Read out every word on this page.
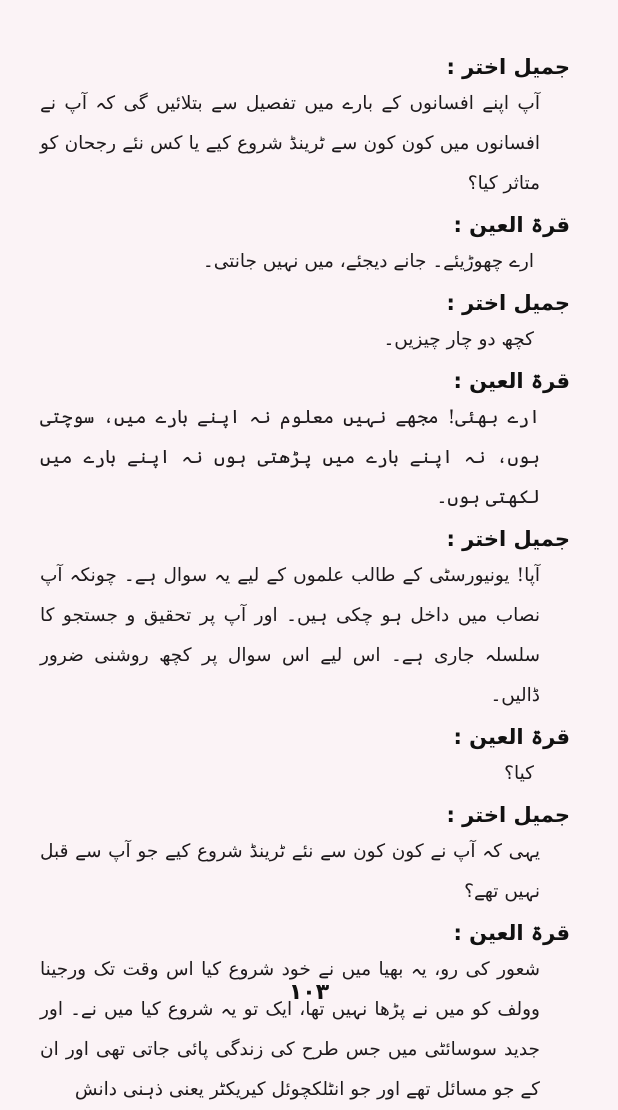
جمیل اختر :

آپ اپنے افسانوں کے بارے میں تفصیل سے بتلائیں گی کہ آپ نے افسانوں میں کون کون سے ٹرینڈ شروع کیے یا کس نئے رجحان کو متاثر کیا؟

قرۃ العین :

ارے چھوڑیئے۔ جانے دیجئے، میں نہیں جانتی۔

جمیل اختر :

کچھ دو چار چیزیں۔

قرۃ العین :

ارے بھئی! مجھے نہیں معلوم نہ اپنے بارے میں، سوچتی ہوں، نہ اپنے بارے میں پڑھتی ہوں نہ اپنے بارے میں لکھتی ہوں۔

جمیل اختر :

آپا! یونیورسٹی کے طالب علموں کے لیے یہ سوال ہے۔ چونکہ آپ نصاب میں داخل ہو چکی ہیں۔ اور آپ پر تحقیق و جستجو کا سلسلہ جاری ہے۔ اس لیے اس سوال پر کچھ روشنی ضرور ڈالیں۔

قرۃ العین :

کیا؟

جمیل اختر :

یہی کہ آپ نے کون کون سے نئے ٹرینڈ شروع کیے جو آپ سے قبل نہیں تھے؟

قرۃ العین :

شعور کی رو، یہ بھیا میں نے خود شروع کیا اس وقت تک ورجینا وولف کو میں نے پڑھا نہیں تھا، ایک تو یہ شروع کیا میں نے۔ اور جدید سوسائٹی میں جس طرح کی زندگی پائی جاتی تھی اور ان کے جو مسائل تھے اور جو انٹلکچوئل کیریکٹر یعنی ذہنی دانش

۱۰۳
